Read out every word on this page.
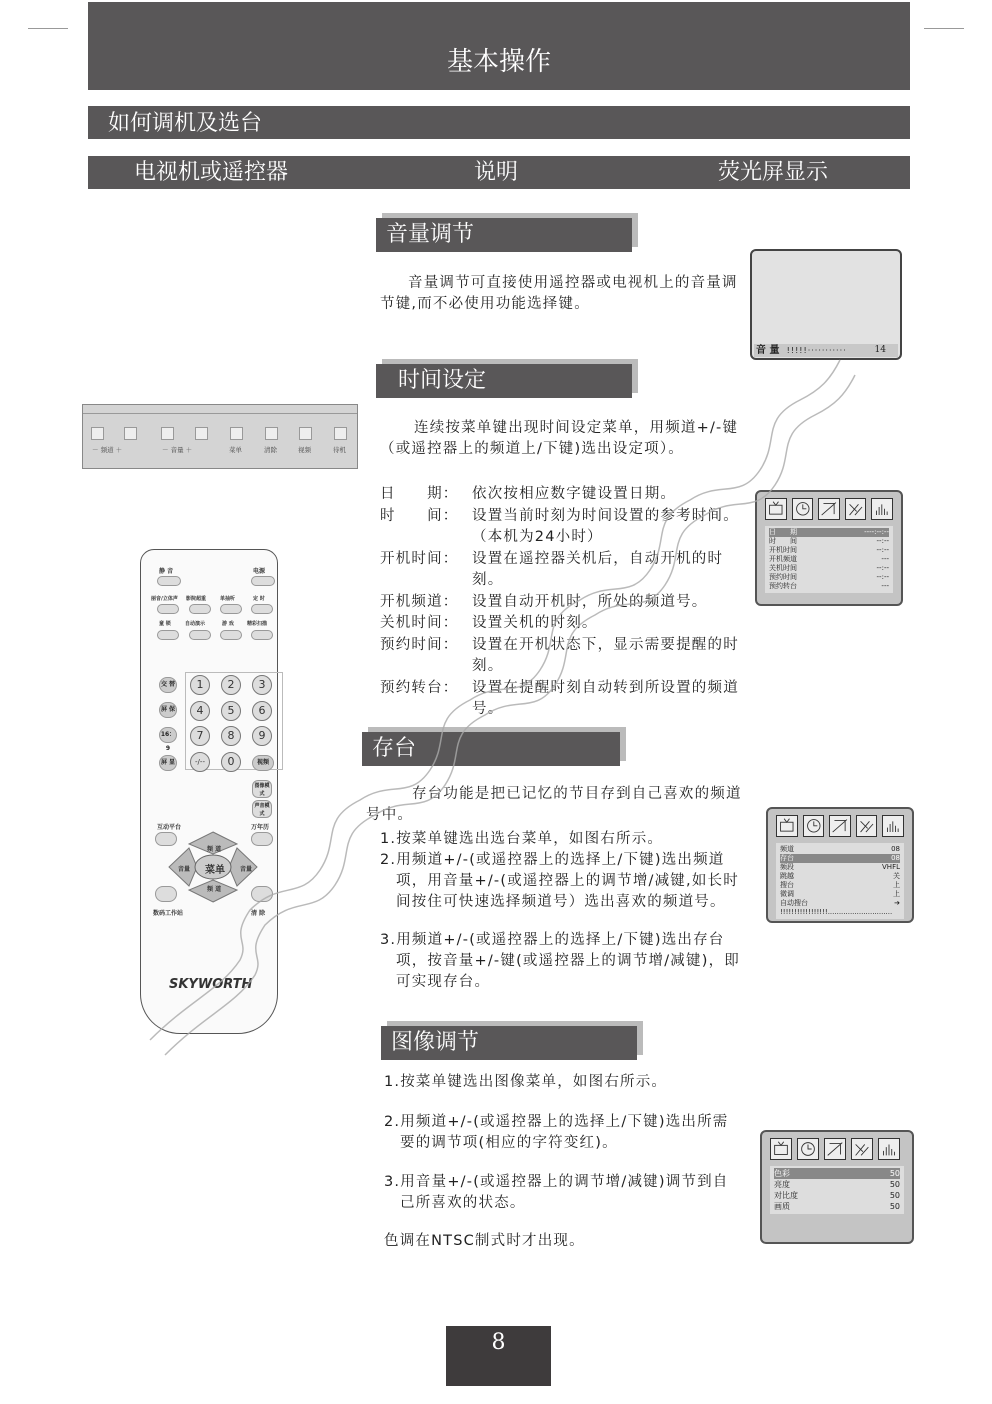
基本操作
如何调机及选台
电视机或遥控器	说明	荧光屏显示
音量调节
音量调节可直接使用遥控器或电视机上的音量调节键,而不必使用功能选择键。
音 量 !!!!!···········	14
时间设定
连续按菜单键出现时间设定菜单，用频道+/-键（或遥控器上的频道上/下键)选出设定项）。
日　　期： 依次按相应数字键设置日期。
时　　间： 设置当前时刻为时间设置的参考时间。（本机为24小时）
开机时间： 设置在遥控器关机后，自动开机的时刻。
开机频道： 设置自动开机时，所处的频道号。
关机时间： 设置关机的时刻。
预约时间： 设置在开机状态下，显示需要提醒的时刻。
预约转台： 设置在提醒时刻自动转到所设置的频道号。
日　　期	----:--:--
时　　间	--:--
开机时间	--:--
开机频道	---
关机时间	--:--
预约时间	--:--
预约转台	---
存台
存台功能是把已记忆的节目存到自己喜欢的频道号中。
1.按菜单键选出选台菜单，如图右所示。
2.用频道+/-(或遥控器上的选择上/下键)选出频道项，用音量+/-(或遥控器上的调节增/减键,如长时间按住可快速选择频道号）选出喜欢的频道号。
3.用频道+/-(或遥控器上的选择上/下键)选出存台项，按音量+/-键(或遥控器上的调节增/减键)，即可实现存台。
频道	08
存台	08
频段	VHFL
跳越	关
搜台	上
微调	上
自动搜台	➔
!!!!!!!!!!!!!!!!!.............................
图像调节
1.按菜单键选出图像菜单，如图右所示。
2.用频道+/-(或遥控器上的选择上/下键)选出所需要的调节项(相应的字符变红)。
3.用音量+/-(或遥控器上的调节增/减键)调节到自己所喜欢的状态。
色调在NTSC制式时才出现。
色彩	50
亮度	50
对比度	50
画质	50
－ 频道 ＋	－ 音量 ＋	菜单	清除	视频	待机
静 音	电源
丽音/立体声 影院超重	单抽听	定 时
童 锁	自动演示	游 戏	精彩扫描
交 替
屏 保
16：9
屏 显
1	2	3
4	5	6
7	8	9
-/--	0	视频
图像模式
声音模式
互动平台	万年历
频 道
频 道
音量	音量
菜单
数码工作站	清 除
SKYWORTH
8
